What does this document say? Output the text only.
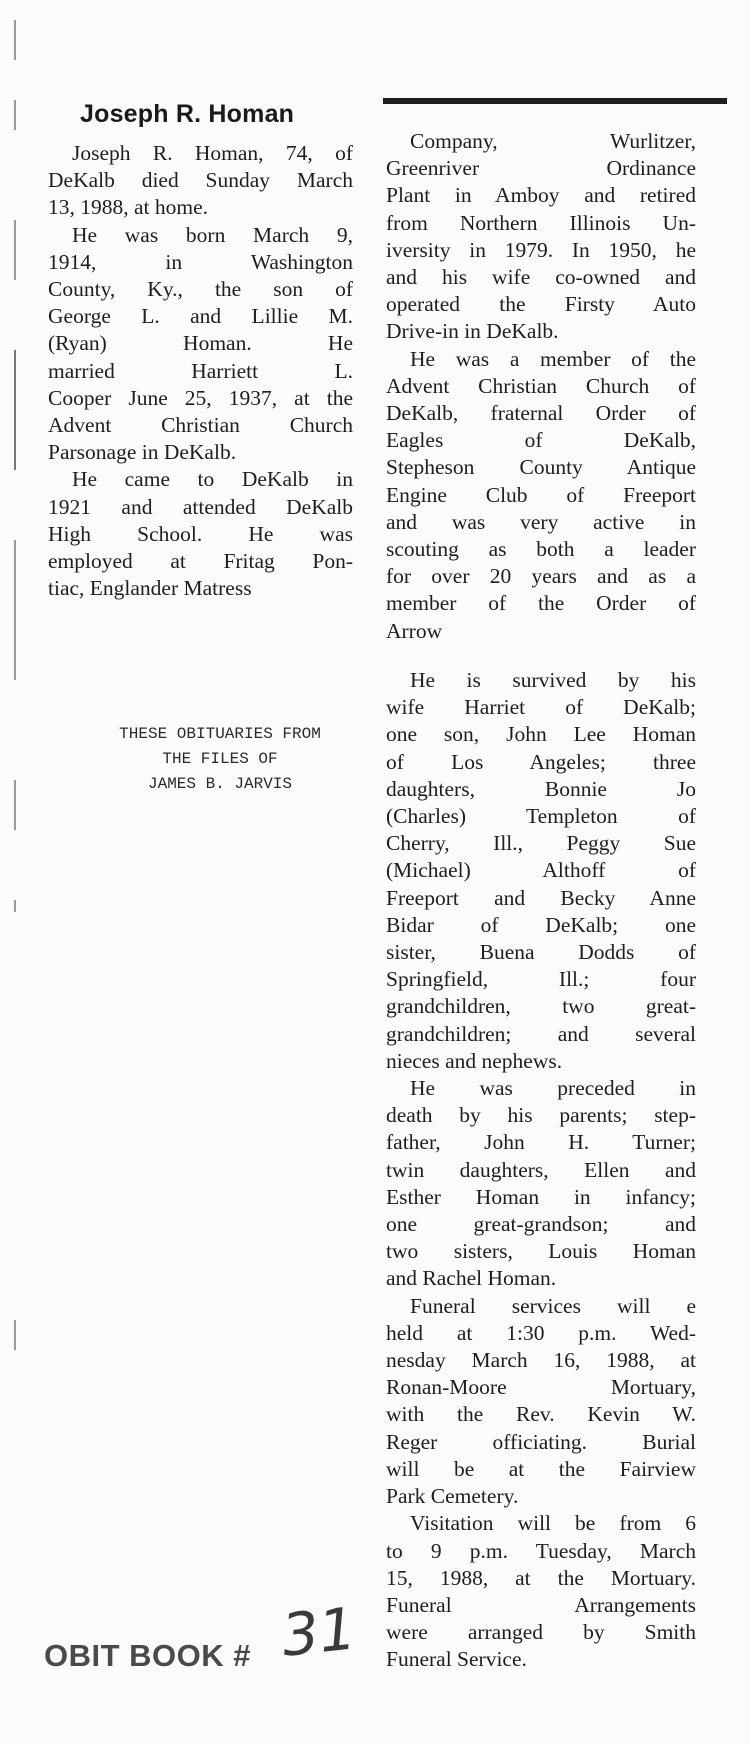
Joseph R. Homan

Joseph R. Homan, 74, of
DeKalb died Sunday March
13, 1988, at home.

He was born March 9,
1914, in Washington
County, Ky., the son of
George L. and Lillie M.
(Ryan) Homan. He
married Harriett L.
Cooper June 25, 1937, at the
Advent Christian Church
Parsonage in DeKalb.

He came to DeKalb in
1921 and attended DeKalb
High School. He was
employed at Fritag Pon-
tiac, Englander Matress

Company, Wurlitzer,
Greenriver Ordinance
Plant in Amboy and retired
from Northern Illinois Un-
iversity in 1979. In 1950, he
and his wife co-owned and
operated the Firsty Auto
Drive-in in DeKalb.

He was a member of the
Advent Christian Church of
DeKalb, fraternal Order of
Eagles of DeKalb,
Stepheson County Antique
Engine Club of Freeport
and was very active in
scouting as both a leader
for over 20 years and as a
member of the Order of
Arrow

He is survived by his
wife Harriet of DeKalb;
one son, John Lee Homan
of Los Angeles; three
daughters, Bonnie Jo
(Charles) Templeton of
Cherry, Ill., Peggy Sue
(Michael) Althoff of
Freeport and Becky Anne
Bidar of DeKalb; one
sister, Buena Dodds of
Springfield, Ill.; four
grandchildren, two great-
grandchildren; and several
nieces and nephews.

He was preceded in
death by his parents; step-
father, John H. Turner;
twin daughters, Ellen and
Esther Homan in infancy;
one great-grandson; and
two sisters, Louis Homan
and Rachel Homan.

Funeral services will e
held at 1:30 p.m. Wed-
nesday March 16, 1988, at
Ronan-Moore Mortuary,
with the Rev. Kevin W.
Reger officiating. Burial
will be at the Fairview
Park Cemetery.

Visitation will be from 6
to 9 p.m. Tuesday, March
15, 1988, at the Mortuary.
Funeral Arrangements
were arranged by Smith
Funeral Service.

THESE OBITUARIES FROM
THE FILES OF
JAMES B. JARVIS
OBIT BOOK # 31
